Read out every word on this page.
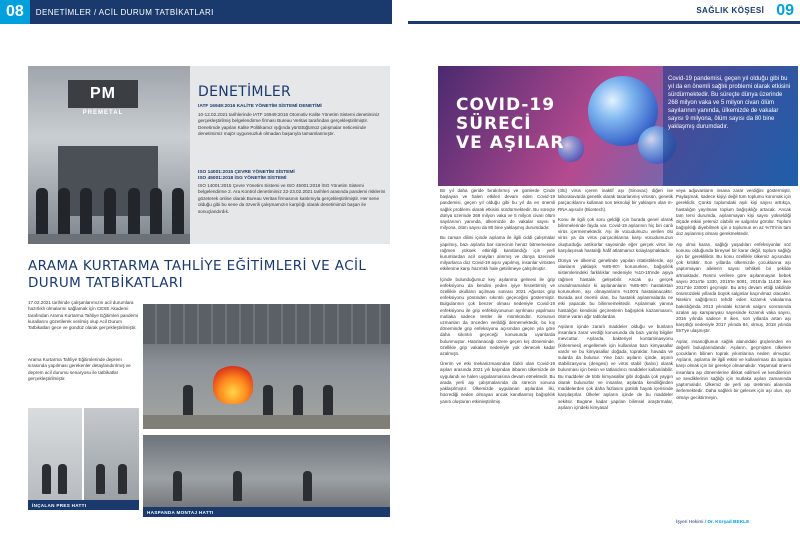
08	DENETİMLER / ACİL DURUM TATBİKATLARI	SAĞLIK KÖŞESİ 09
PM
PREMETAL
DENETİMLER
IATF 16949:2016 KALİTE YÖNETİM SİSTEMİ DENETİMİ
10-12.02.2021 tarihlerinde IATF 16949:2016 Otomotiv Kalite Yönetim Sistemi denetiminiz gerçekleştirilmiş belgelendirme firması Bureau Veritas tarafından gerçekleştirilmiştir. Denetimde yapılan Kalite Politikamız ışığında yürüttüğümüz çalışmalar neticesinde denetimimiz majör uygunsuzluk olmadan başarıyla tamamlanmıştır.
ISO 14001:2015 ÇEVRE YÖNETİM SİSTEMİ
ISO 45001:2018 İSG YÖNETİM SİSTEMİ
ISO 14001:2015 Çevre Yönetim Sistemi ve ISO 45001:2018 İSG Yönetim Sistemi belgelendirme 2. Ara Kontrol denetimimiz 22-23.02.2021 tarihleri arasında pandemi risklerini gözeterek online olarak Bureau Veritas firmasının katılımıyla gerçekleştirilmiştir. Her sene olduğu gibi bu sene da özverili çalışmamızın karşılığı olarak denetimimizi başarı ile sonuçlandırdık.
ARAMA KURTARMA TAHLİYE EĞİTİMLERİ VE ACİL DURUM TATBİKATLARI
17.02.2021 tarihinde çalışanlarımızın acil durumlara hazırlıklı olmalarını sağlamak için CESE Akademi tarafından Arama Kurtarma Tahliye Eğitimleri pandemi kurallarını gözetilerek verilmiş olup Acil Durum Tatbikatları gece ve gündüz olarak gerçekleştirilmiştir.
Arama Kurtarma Tahliye Eğitimlerinde deprem sırasında yapılması gerekenler detaylandırılmış ve deprem acil durumu senaryosu ile tatbikatlar gerçekleştirilmiştir.
İNÇALAN PRES HATTI
HASPANDA MONTAJ HATTI
COVID-19
SÜRECİ
VE AŞILAR
Covid-19 pandemisi, geçen yıl olduğu gibi bu yıl da en önemli sağlık problemi olarak etkisini sürdürmektedir. Bu süreçte dünya üzerinde 268 milyon vaka ve 5 milyon civarı ölüm sayılarının yanında, ülkemizde de vakalar sayısı 9 milyona, ölüm sayısı da 80 bine yaklaşmış durumdadır.

Bir yıl daha geride bırakılırmış ve günlerde Çinde başlayan ve halen etkileri devam eden Covid-19 pandemisi, geçen yıl olduğu gibi bu yıl da en önemli sağlık problemi olarak etkisini sürdürmektedir. Bu süreçte dünya üzerinde 268 milyon vaka ve 5 milyon civarı ölüm sayılarının yanında, ülkemizde de vakalar sayısı 9 milyona, ölüm sayısı da 80 bine yaklaşmış durumdadır.

Bu zaman dilimi içinde aşılama ile ilgili ciddi çalışmalar yapılmış, bazı aşılarla bar sürecinin henüz bitmemesine rağmen yüksek etkinliği kanıtlandığı için yerli kurumlardan acil onayları alınmış ve dünya üzerinde milyarlarca doz Covid-19 aşısı yapılmış, insanlar virüsten etkilenme karşı hazırlıklı hale getirilmeye çalışılmıştır.

İçinde bulunduğumuz key aşılanma gelmesi ile grip enfeksiyonu da kendini yeden iyiye hissettirmiş ve özellikle okulların açılması sonrası 2021 Ağustos grip enfeksiyonu yönünden sıkıntılı geçeceğini göstermiştir. Bulgularının çok benzer olması nedeniyle Covid-19 enfeksiyonu ile grip enfeksiyonunun ayrılması yapılması mutlaka sadece testler ile mümkündür. Konunun uzmanları da önceden verildiği dememektedir, bu kış döneminde grip enfeksiyonu açısından geçen yıla göre daha sıkıntılı geçeceği konusunda uyarılarda bulunmuştur. Hatırlanacağı üzere geçen kış döneminde, özellikle grip vakaları nedeniyle yok denecek kadar azalmıştı.

Ürerim ve etki mekanizmasından farklı olan Covid-19 aşıları arasında 2021 yılı başından itibaren ülkemizde de uygulandı ve halen uygulanmasına devam etmektedir. Bu arada yerli aşı çalışmalarında da sürecin sonuna yaklaşılmıştır. Ülkemizde uygulanan aşılardan ilki, hücrediği neden olmayan ancak kanıtlanmış bağışıklık yanıtı oluşturan etkinleştirilmiş

(ölü) virüs içeren inaktif aşı (Sinovac) diğeri ise laboratuvarda genetik olarak tasarlanmış virüsün, genetik parçacıklarını kullanan son teknoloji bir yaklaşım olan m-RNA aşısıdır (Biontech).

Konu ile ilgili çok soru geldiği için burada genel olarak bilinmelerinde fayda var. Covid-19 aşılarının hiç biri canlı virüs içermemektedir. Aşı ile vücudumuzu verilen ölü virüs ya da virüs parçacıklarına karşı vücudumuzun oluşturduğu antikorlar sayesinde eğer gerçek virüs ile karşılaşırsak hastalığı hafif atlatmamız kolaylaşmaktadır.

Dünya ve ülkemiz genelinde yapılan istatistiklerde, aşı olanların yaklaşık %85-90'ı korunurken, bağışıklık sistemlerindeki farklılıklar nedeniyle %10-15'inde aşıya rağmen hastalık gelişebilir. Ancak şu gerçek unutulmamalıdır ki aşılananların %85-90'ı hastalıktan korunurken, aşı olmayanların %100'ü hastalanacaktır. Burada asıl önemli olan, bu hastalık aşılanmalarda ne etki yapacak bu bilinmemektedir. Aşılanmak yanına hastalığın kendisini geçirenlerin bağışıklık kazanmasını, ölüme varan ağır tablolardan.

Aşıların içinde zararlı maddeler olduğu ve bunların insanlara zarar verdiği konusunda da bazı yanlış bilgiler mevcuttur. Aşılarda, bakteriyel kontaminasyonu (kirlenmesi) engellemek için kullanılan bazı kimyasallar vardır ve bu kimyasallar doğada, topraklar, havada ve sularda da bulunur. Yine bazı aşıların içinde, aşının stabilizasyonu (dengesi) ve virüs stabil (kalıcı) olarak bulunması için besin ve tatlandırıcı maddeler kullanılabilir. Bu maddeler de tıbbi kimyasallar gibi doğada çok yaygın olarak bulunurlar ve insanlar, aşılarda kendiliğinden maddelerden çok daha fazlasını günlük hayatı içerisinde karşılaşırlar. Ülkeler aşıların içinde de bu maddeler sekitsir. Bugüne kadar yapılan bilimsel araştırmalar, aşıların içindeki kimyasal

veya adjuvanların insana zarar verdiğini göstermiştir. Paylaşmak, sadece kişiyi değil tüm toplumu korumak için gereklidir. Çünkü toplumdaki aşılı kişi sayısı arttıkça, hastalığın yayılması toplum bağışıklığı artacak. Ancak tam tersi durumda, aşılanmayan kişi sayısı yükseldiği ölçüde etkisi yetersiz olabilir ve salgınlar görülür. Toplum bağışıklığı diyebilmek için o toplumun en az %70'inin tam doz aşılanmış olması gerekmektedir.

Aşı olma kararı, sağlığı yaşadıları enfeksiyonlar söz konusu olduğunda bireysel bir karar değil, toplum sağlığı için bir gerekliliktir. Bu konu özellikle ülkemiz açısından çok kritiktir. Son yıllarda ülkemizde çocuklarına aşı yaptırmayan ailelerin sayısı tehlikeli bir şekilde artmaktadır. Resmi verilere göre aşılanmayan bebek sayısı 2014'te 1330, 2015'te 5091, 2016'da 11430 iken 2017'de 23000'i geçmiştir. Bu artış devam ettiği takdirde önümüzdeki yıllarda büyük salgınlar kaçınılmaz olacaktır. Nitekim sağlığımızı tehdit eden kızamık vakalarına bakıldığında 2013 yılındaki kızamık salgını sonrasında azalan aşı kampanyası sayesinde kızamık vaka sayısı, 2016 yılında sadece 8 iken, son yıllarda artan aşı karşıtlığı nedeniyle 2017 yılında 84, olmuş, 2018 yılında 557'ye ulaşmıştır.

Aşılar, insanoğlunun sağlık alanındaki güçlerinden en değerli buluşlarındandır. Aşıların, geçmişten ülkelere çocukların bilinen toprak yıkımlarına neden olmuştur. Aşıların, aşılama ile ilgili etkisi ve kullanılması da aşılara karşı olmak için bir gerekçe olmamalıdır. Yaşamsal önemi insanlara aşı dönemlerine dikkat edilmeli ve kendilerinin ve sevdiklerinin sağlığı için mutlaka aşıları zamanında yaptırmalıdır. Ülkemiz de yerli aşı üretimini alanında ilerlemektedir. Daha sağlıklı bir gelecek için aşı olun, aşı olmayı geciktirmeyin.

İşyeri Hekimi / Dr. Kürşad BEKLE
